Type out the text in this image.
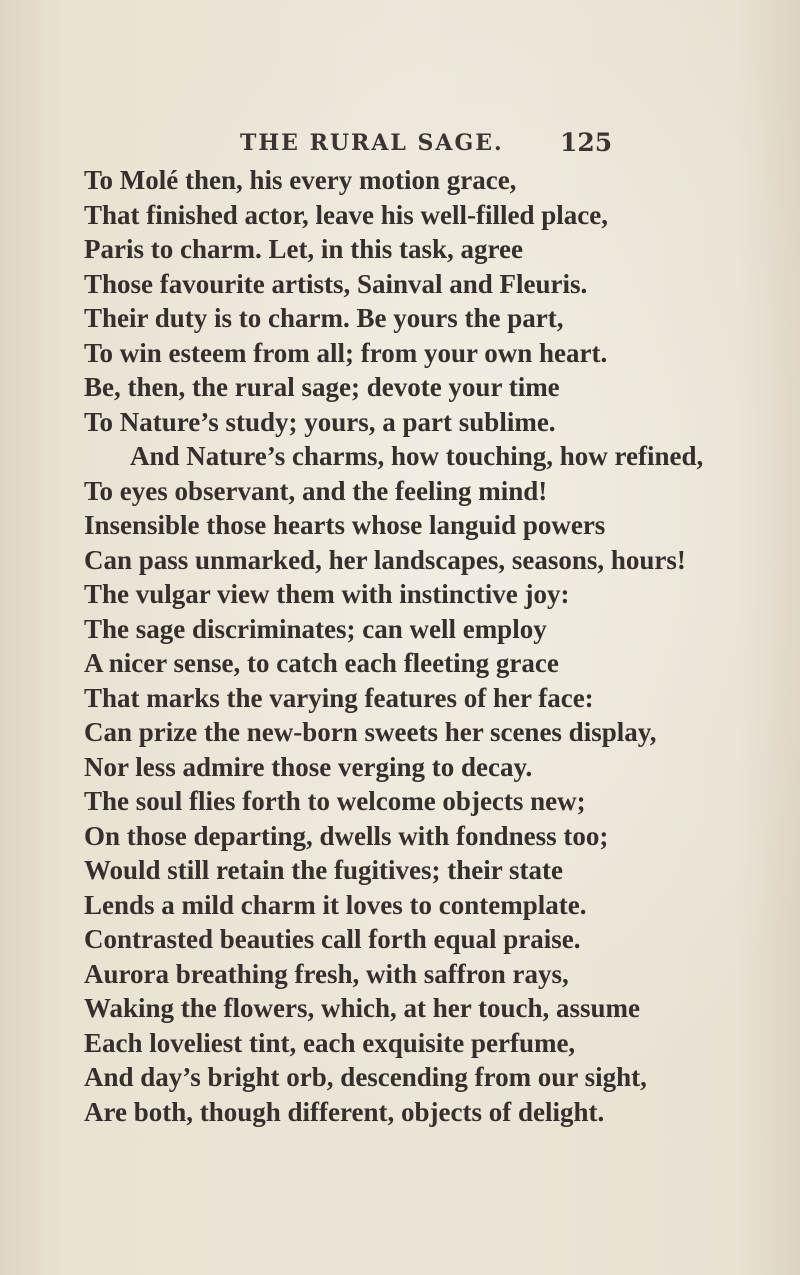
THE RURAL SAGE. 125
To Molé then, his every motion grace,
That finished actor, leave his well-filled place,
Paris to charm. Let, in this task, agree
Those favourite artists, Sainval and Fleuris.
Their duty is to charm. Be yours the part,
To win esteem from all; from your own heart.
Be, then, the rural sage; devote your time
To Nature’s study; yours, a part sublime.
And Nature’s charms, how touching, how refined,
To eyes observant, and the feeling mind!
Insensible those hearts whose languid powers
Can pass unmarked, her landscapes, seasons, hours!
The vulgar view them with instinctive joy:
The sage discriminates; can well employ
A nicer sense, to catch each fleeting grace
That marks the varying features of her face:
Can prize the new-born sweets her scenes display,
Nor less admire those verging to decay.
The soul flies forth to welcome objects new;
On those departing, dwells with fondness too;
Would still retain the fugitives; their state
Lends a mild charm it loves to contemplate.
Contrasted beauties call forth equal praise.
Aurora breathing fresh, with saffron rays,
Waking the flowers, which, at her touch, assume
Each loveliest tint, each exquisite perfume,
And day’s bright orb, descending from our sight,
Are both, though different, objects of delight.
